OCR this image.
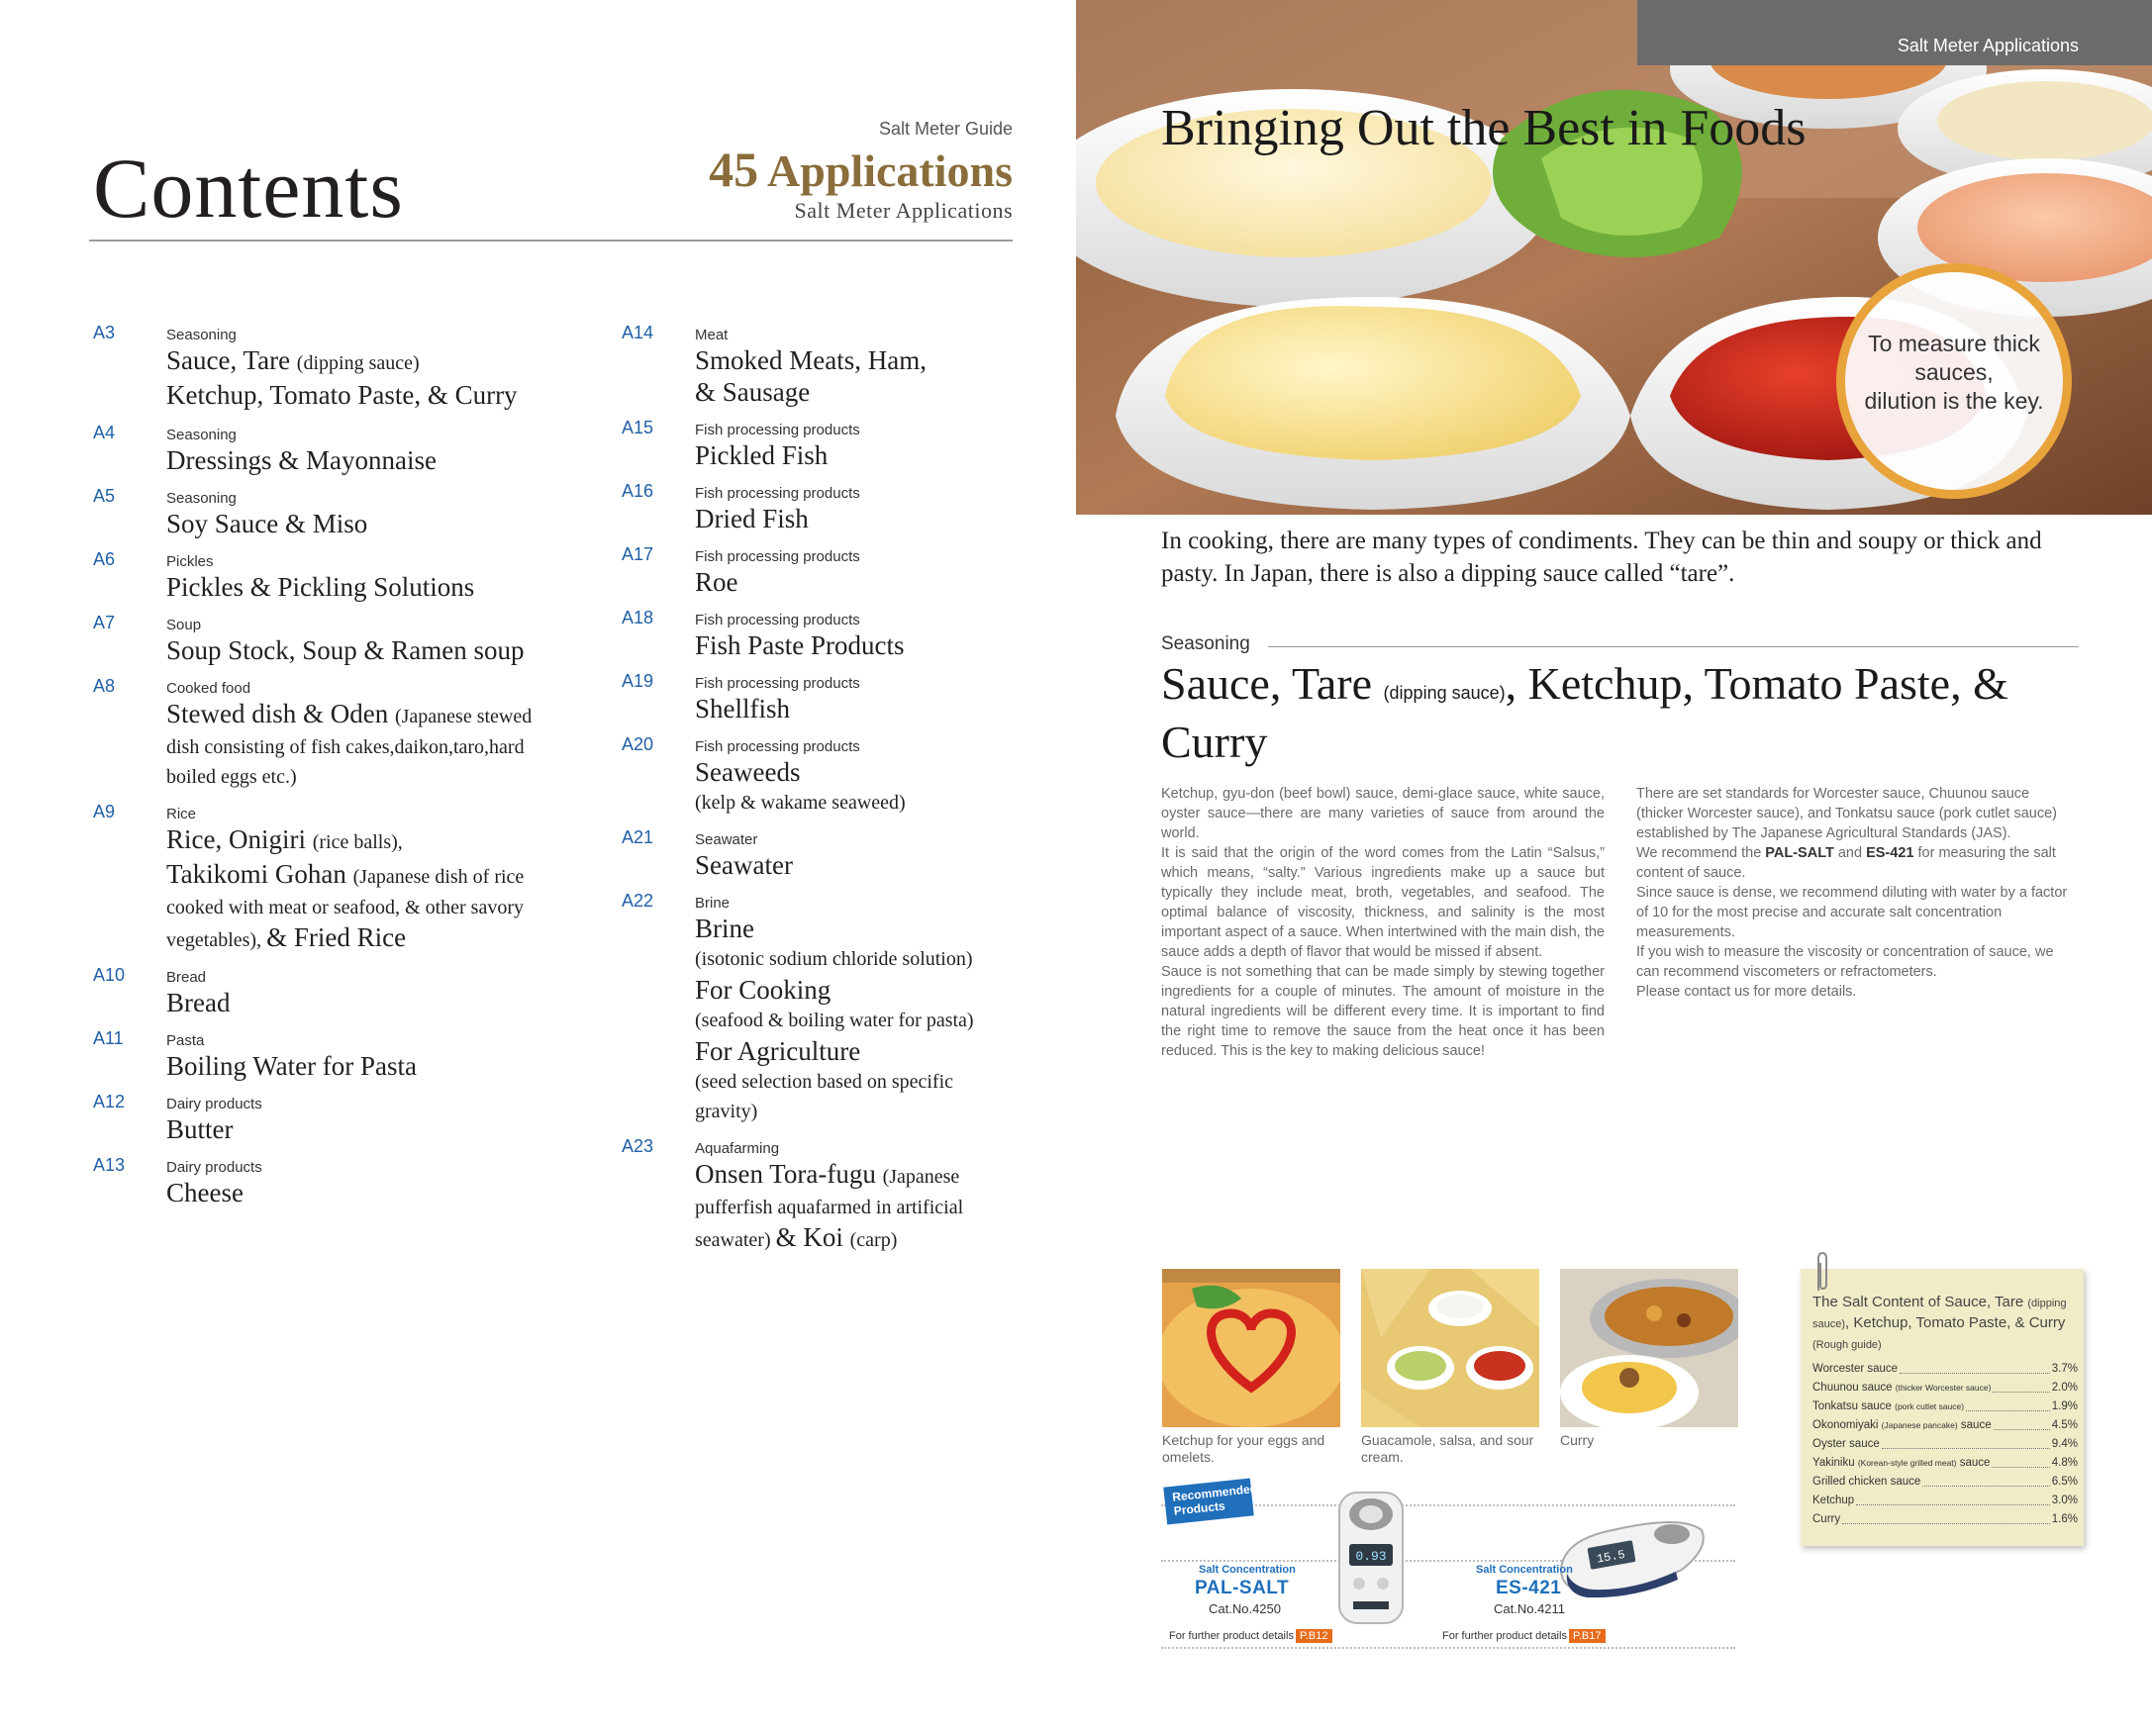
Contents
Salt Meter Guide
45 Applications
Salt Meter Applications
A3	Seasoning
Sauce, Tare (dipping sauce)
Ketchup, Tomato Paste, & Curry
A4	Seasoning
Dressings & Mayonnaise
A5	Seasoning
Soy Sauce & Miso
A6	Pickles
Pickles & Pickling Solutions
A7	Soup
Soup Stock, Soup & Ramen soup
A8	Cooked food
Stewed dish & Oden (Japanese stewed
dish consisting of fish cakes,daikon,taro,hard
boiled eggs etc.)
A9	Rice
Rice, Onigiri (rice balls),
Takikomi Gohan (Japanese dish of rice
cooked with meat or seafood, & other savory
vegetables), & Fried Rice
A10	Bread
Bread
A11	Pasta
Boiling Water for Pasta
A12	Dairy products
Butter
A13	Dairy products
Cheese
A14	Meat
Smoked Meats, Ham,
& Sausage
A15	Fish processing products
Pickled Fish
A16	Fish processing products
Dried Fish
A17	Fish processing products
Roe
A18	Fish processing products
Fish Paste Products
A19	Fish processing products
Shellfish
A20	Fish processing products
Seaweeds
(kelp & wakame seaweed)
A21	Seawater
Seawater
A22	Brine
Brine
(isotonic sodium chloride solution)
For Cooking
(seafood & boiling water for pasta)
For Agriculture
(seed selection based on specific
gravity)
A23	Aquafarming
Onsen Tora-fugu (Japanese
pufferfish aquafarmed in artificial
seawater) & Koi (carp)
Salt Meter Applications
Bringing Out the Best in Foods
To measure thick
sauces,
dilution is the key.
In cooking, there are many types of condiments. They can be thin and soupy or thick and pasty. In Japan, there is also a dipping sauce called “tare”.
Seasoning
Sauce, Tare (dipping sauce), Ketchup, Tomato Paste, & Curry

Ketchup, gyu-don (beef bowl) sauce, demi-glace sauce, white sauce, oyster sauce—there are many varieties of sauce from around the world.

It is said that the origin of the word comes from the Latin “Salsus,” which means, “salty.” Various ingredients make up a sauce but typically they include meat, broth, vegetables, and seafood. The optimal balance of viscosity, thickness, and salinity is the most important aspect of a sauce. When intertwined with the main dish, the sauce adds a depth of flavor that would be missed if absent.

Sauce is not something that can be made simply by stewing together ingredients for a couple of minutes. The amount of moisture in the natural ingredients will be different every time. It is important to find the right time to remove the sauce from the heat once it has been reduced. This is the key to making delicious sauce!

There are set standards for Worcester sauce, Chuunou sauce (thicker Worcester sauce), and Tonkatsu sauce (pork cutlet sauce) established by The Japanese Agricultural Standards (JAS).

We recommend the PAL-SALT and ES-421 for measuring the salt content of sauce.

Since sauce is dense, we recommend diluting with water by a factor of 10 for the most precise and accurate salt concentration measurements.

If you wish to measure the viscosity or concentration of sauce, we can recommend viscometers or refractometers.

Please contact us for more details.

Ketchup for your eggs and omelets.
Guacamole, salsa, and sour cream.
Curry
Recommended Products
0.93
Salt Concentration
PAL-SALT
Cat.No.4250
For further product details P.B12
15.5
Salt Concentration
ES-421
Cat.No.4211
For further product details P.B17
The Salt Content of Sauce, Tare (dipping sauce), Ketchup, Tomato Paste, & Curry (Rough guide)
Worcester sauce	3.7%
Chuunou sauce (thicker Worcester sauce)	2.0%
Tonkatsu sauce (pork cutlet sauce)	1.9%
Okonomiyaki (Japanese pancake) sauce	4.5%
Oyster sauce	9.4%
Yakiniku (Korean-style grilled meat) sauce	4.8%
Grilled chicken sauce	6.5%
Ketchup	3.0%
Curry	1.6%
